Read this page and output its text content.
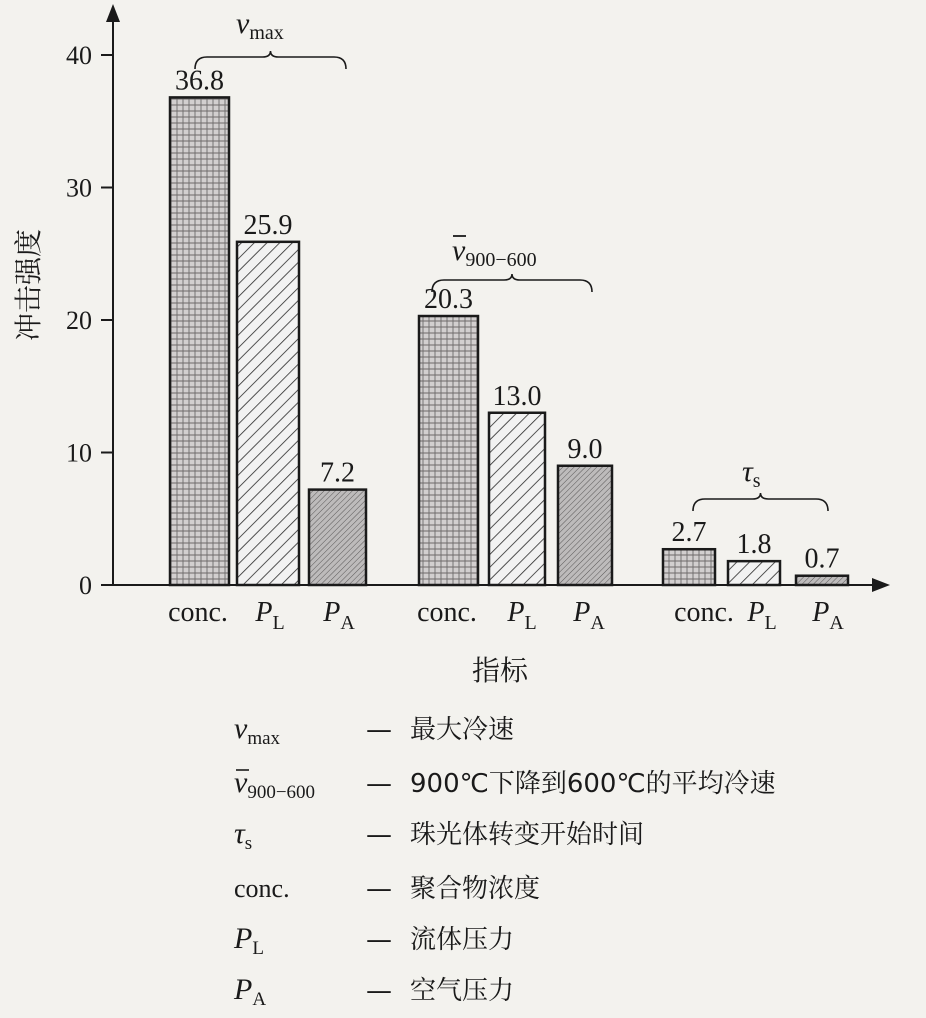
0
10
20
30
40
36.8
25.9
7.2
20.3
13.0
9.0
2.7 1.8 0.7
conc. $P_L$ $P_A$ conc. $P_L$ $P_A$ conc. $P_L$ $P_A$
$v_{max}$
$v_{900-600}$
$\tau_s$
冲击强度
指标
$v_{max}$	— 最大冷速
$v_{900-600}$ — 900℃下降到600℃的平均冷速
$\tau_s$	— 珠光体转变开始时间
conc.	— 聚合物浓度
$P_L$	— 流体压力
$P_A$	— 空气压力
